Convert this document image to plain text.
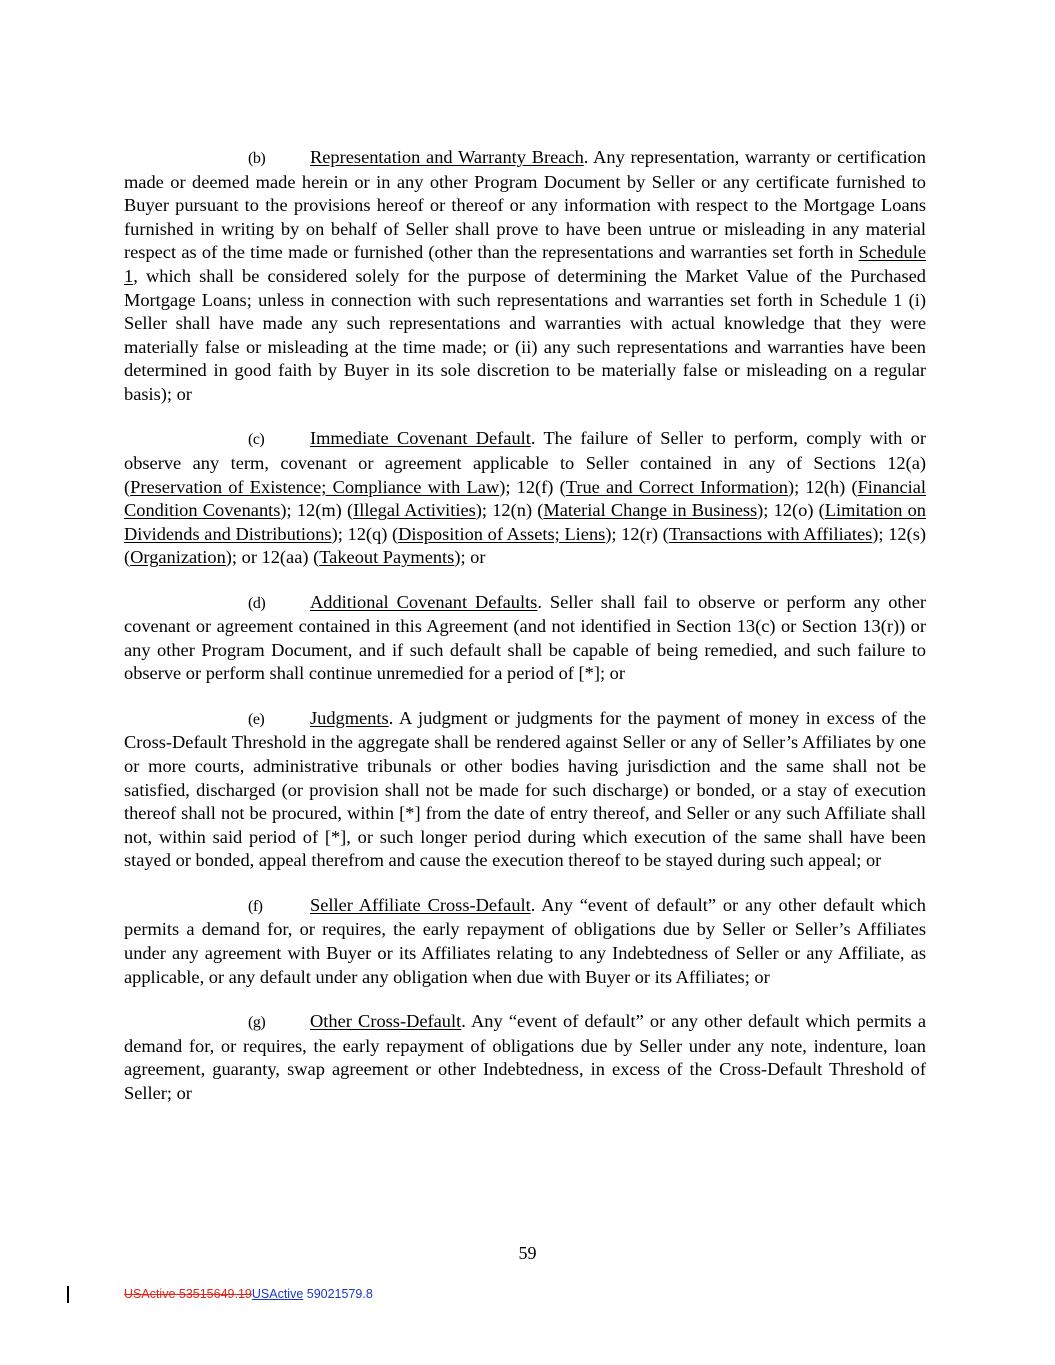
(b) Representation and Warranty Breach. Any representation, warranty or certification made or deemed made herein or in any other Program Document by Seller or any certificate furnished to Buyer pursuant to the provisions hereof or thereof or any information with respect to the Mortgage Loans furnished in writing by on behalf of Seller shall prove to have been untrue or misleading in any material respect as of the time made or furnished (other than the representations and warranties set forth in Schedule 1, which shall be considered solely for the purpose of determining the Market Value of the Purchased Mortgage Loans; unless in connection with such representations and warranties set forth in Schedule 1 (i) Seller shall have made any such representations and warranties with actual knowledge that they were materially false or misleading at the time made; or (ii) any such representations and warranties have been determined in good faith by Buyer in its sole discretion to be materially false or misleading on a regular basis); or

(c) Immediate Covenant Default. The failure of Seller to perform, comply with or observe any term, covenant or agreement applicable to Seller contained in any of Sections 12(a) (Preservation of Existence; Compliance with Law); 12(f) (True and Correct Information); 12(h) (Financial Condition Covenants); 12(m) (Illegal Activities); 12(n) (Material Change in Business); 12(o) (Limitation on Dividends and Distributions); 12(q) (Disposition of Assets; Liens); 12(r) (Transactions with Affiliates); 12(s) (Organization); or 12(aa) (Takeout Payments); or

(d) Additional Covenant Defaults. Seller shall fail to observe or perform any other covenant or agreement contained in this Agreement (and not identified in Section 13(c) or Section 13(r)) or any other Program Document, and if such default shall be capable of being remedied, and such failure to observe or perform shall continue unremedied for a period of [*]; or

(e) Judgments. A judgment or judgments for the payment of money in excess of the Cross-Default Threshold in the aggregate shall be rendered against Seller or any of Seller’s Affiliates by one or more courts, administrative tribunals or other bodies having jurisdiction and the same shall not be satisfied, discharged (or provision shall not be made for such discharge) or bonded, or a stay of execution thereof shall not be procured, within [*] from the date of entry thereof, and Seller or any such Affiliate shall not, within said period of [*], or such longer period during which execution of the same shall have been stayed or bonded, appeal therefrom and cause the execution thereof to be stayed during such appeal; or

(f)	Seller Affiliate Cross-Default. Any “event of default” or any other default which permits a demand for, or requires, the early repayment of obligations due by Seller or Seller’s Affiliates under any agreement with Buyer or its Affiliates relating to any Indebtedness of Seller or any Affiliate, as applicable, or any default under any obligation when due with Buyer or its Affiliates; or

(g) Other Cross-Default. Any “event of default” or any other default which permits a demand for, or requires, the early repayment of obligations due by Seller under any note, indenture, loan agreement, guaranty, swap agreement or other Indebtedness, in excess of the Cross-Default Threshold of Seller; or

59
USActive 53515649.19USActive 59021579.8
